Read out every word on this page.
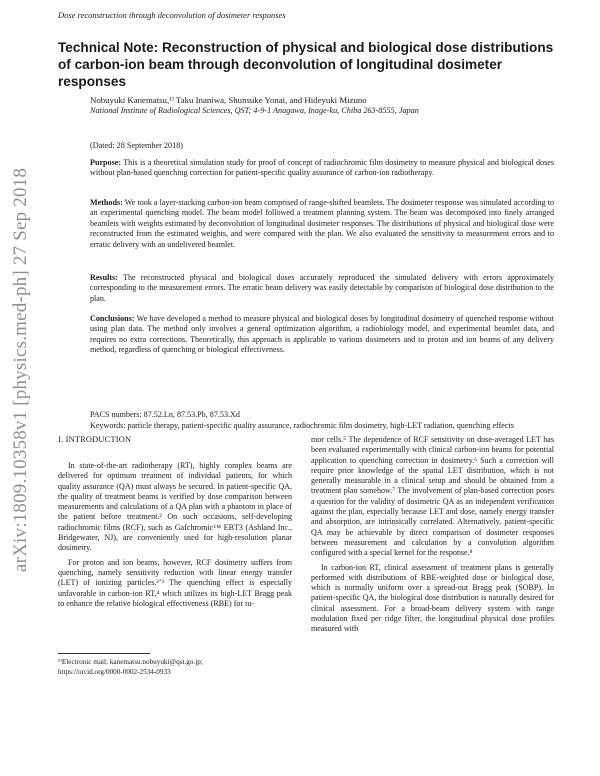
Dose reconstruction through deconvolution of dosimeter responses
arXiv:1809.10358v1 [physics.med-ph] 27 Sep 2018
Technical Note: Reconstruction of physical and biological dose distributions of carbon-ion beam through deconvolution of longitudinal dosimeter responses
Nobuyuki Kanematsu,¹⁾ Taku Inaniwa, Shunsuke Yonai, and Hideyuki Mizuno
National Institute of Radiological Sciences, QST; 4-9-1 Anagawa, Inage-ku, Chiba 263-8555, Japan
(Dated: 28 September 2018)

Purpose: This is a theoretical simulation study for proof of concept of radiochromic film dosimetry to measure physical and biological doses without plan-based quenching correction for patient-specific quality assurance of carbon-ion radiotherapy.

Methods: We took a layer-stacking carbon-ion beam comprised of range-shifted beamlets. The dosimeter response was simulated according to an experimental quenching model. The beam model followed a treatment planning system. The beam was decomposed into finely arranged beamlets with weights estimated by deconvolution of longitudinal dosimeter responses. The distributions of physical and biological dose were reconstructed from the estimated weights, and were compared with the plan. We also evaluated the sensitivity to measurement errors and to erratic delivery with an undelivered beamlet.

Results: The reconstructed physical and biological doses accurately reproduced the simulated delivery with errors approximately corresponding to the measurement errors. The erratic beam delivery was easily detectable by comparison of biological dose distribution to the plan.

Conclusions: We have developed a method to measure physical and biological doses by longitudinal dosimetry of quenched response without using plan data. The method only involves a general optimization algorithm, a radiobiology model, and experimental beamlet data, and requires no extra corrections. Theoretically, this approach is applicable to various dosimeters and to proton and ion beams of any delivery method, regardless of quenching or biological effectiveness.

PACS numbers: 87.52.Ln, 87.53.Pb, 87.53.Xd
Keywords: particle therapy, patient-specific quality assurance, radiochromic film dosimetry, high-LET radiation, quenching effects
I. INTRODUCTION

In state-of-the-art radiotherapy (RT), highly complex beams are delivered for optimum treatment of individual patients, for which quality assurance (QA) must always be secured. In patient-specific QA, the quality of treatment beams is verified by dose comparison between measurements and calculations of a QA plan with a phantom in place of the patient before treatment.² On such occasions, self-developing radiochromic films (RCF), such as Gafchromic™ EBT3 (Ashland Inc., Bridgewater, NJ), are conveniently used for high-resolution planar dosimetry.

For proton and ion beams, however, RCF dosimetry suffers from quenching, namely sensitivity reduction with linear energy transfer (LET) of ionizing particles.²ʼ³ The quenching effect is especially unfavorable in carbon-ion RT,⁴ which utilizes its high-LET Bragg peak to enhance the relative biological effectiveness (RBE) for tu-

mor cells.⁵ The dependence of RCF sensitivity on dose-averaged LET has been evaluated experimentally with clinical carbon-ion beams for potential application to quenching correction in dosimetry.⁶ Such a correction will require prior knowledge of the spatial LET distribution, which is not generally measurable in a clinical setup and should be obtained from a treatment plan somehow.⁷ The involvement of plan-based correction poses a question for the validity of dosimetric QA as an independent verification against the plan, especially because LET and dose, namely energy transfer and absorption, are intrinsically correlated. Alternatively, patient-specific QA may be achievable by direct comparison of dosimeter responses between measurement and calculation by a convolution algorithm configured with a special kernel for the response.⁸

In carbon-ion RT, clinical assessment of treatment plans is generally performed with distributions of RBE-weighted dose or biological dose, which is normally uniform over a spread-out Bragg peak (SOBP). In patient-specific QA, the biological dose distribution is naturally desired for clinical assessment. For a broad-beam delivery system with range modulation fixed per ridge filter, the longitudinal physical dose profiles measured with

¹⁾Electronic mail: kanematsu.nobuyuki@qst.go.jp;
https://orcid.org/0000-0002-2534-0933
